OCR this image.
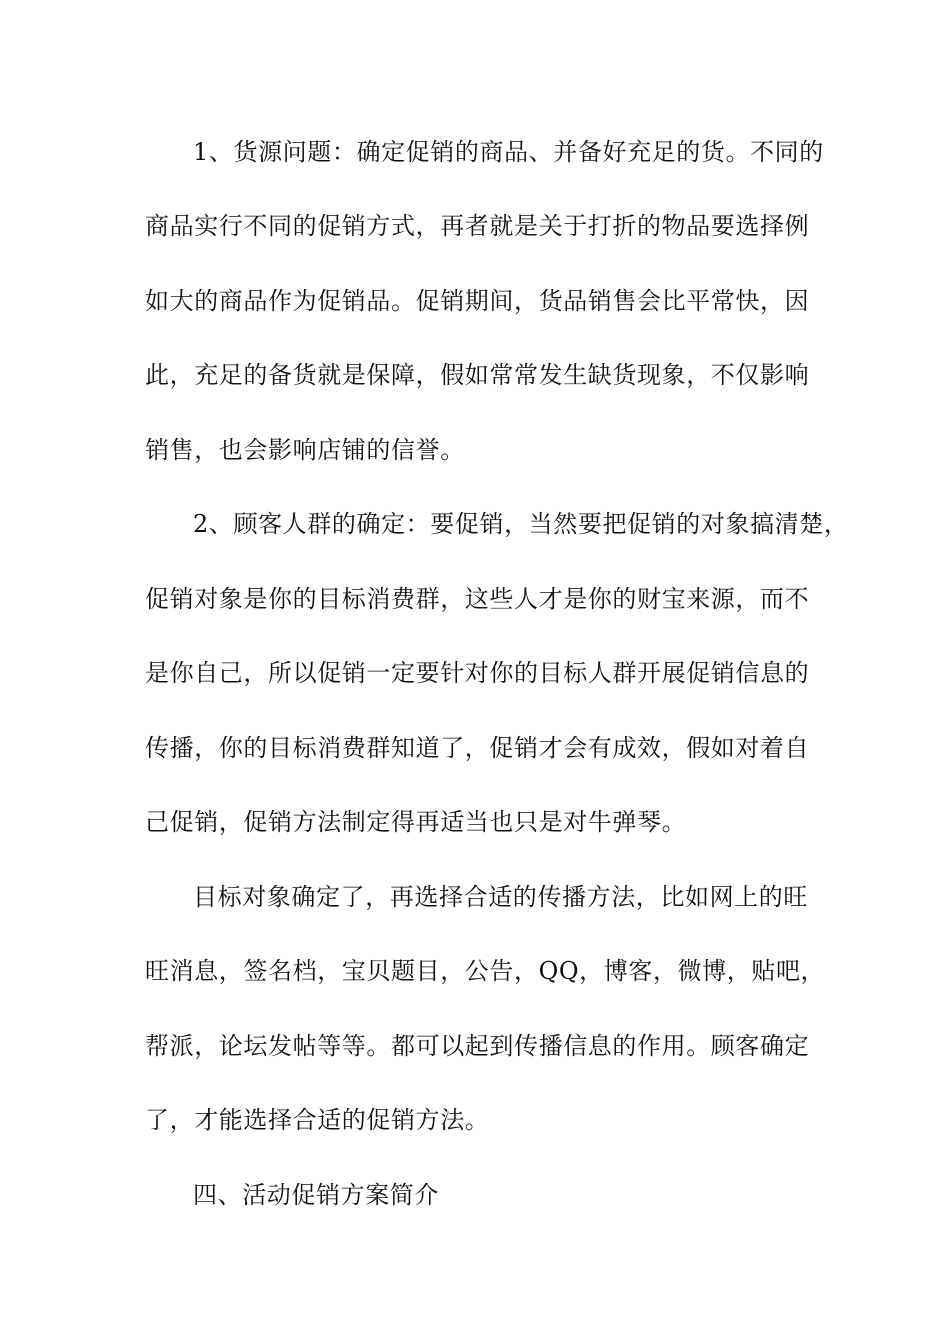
1、货源问题：确定促销的商品、并备好充足的货。不同的
商品实行不同的促销方式，再者就是关于打折的物品要选择例
如大的商品作为促销品。促销期间，货品销售会比平常快，因
此，充足的备货就是保障，假如常常发生缺货现象，不仅影响
销售，也会影响店铺的信誉。
2、顾客人群的确定：要促销，当然要把促销的对象搞清楚，
促销对象是你的目标消费群，这些人才是你的财宝来源，而不
是你自己，所以促销一定要针对你的目标人群开展促销信息的
传播，你的目标消费群知道了，促销才会有成效，假如对着自
己促销，促销方法制定得再适当也只是对牛弹琴。
目标对象确定了，再选择合适的传播方法，比如网上的旺
旺消息，签名档，宝贝题目，公告，QQ，博客，微博，贴吧，
帮派，论坛发帖等等。都可以起到传播信息的作用。顾客确定
了，才能选择合适的促销方法。
四、活动促销方案简介
